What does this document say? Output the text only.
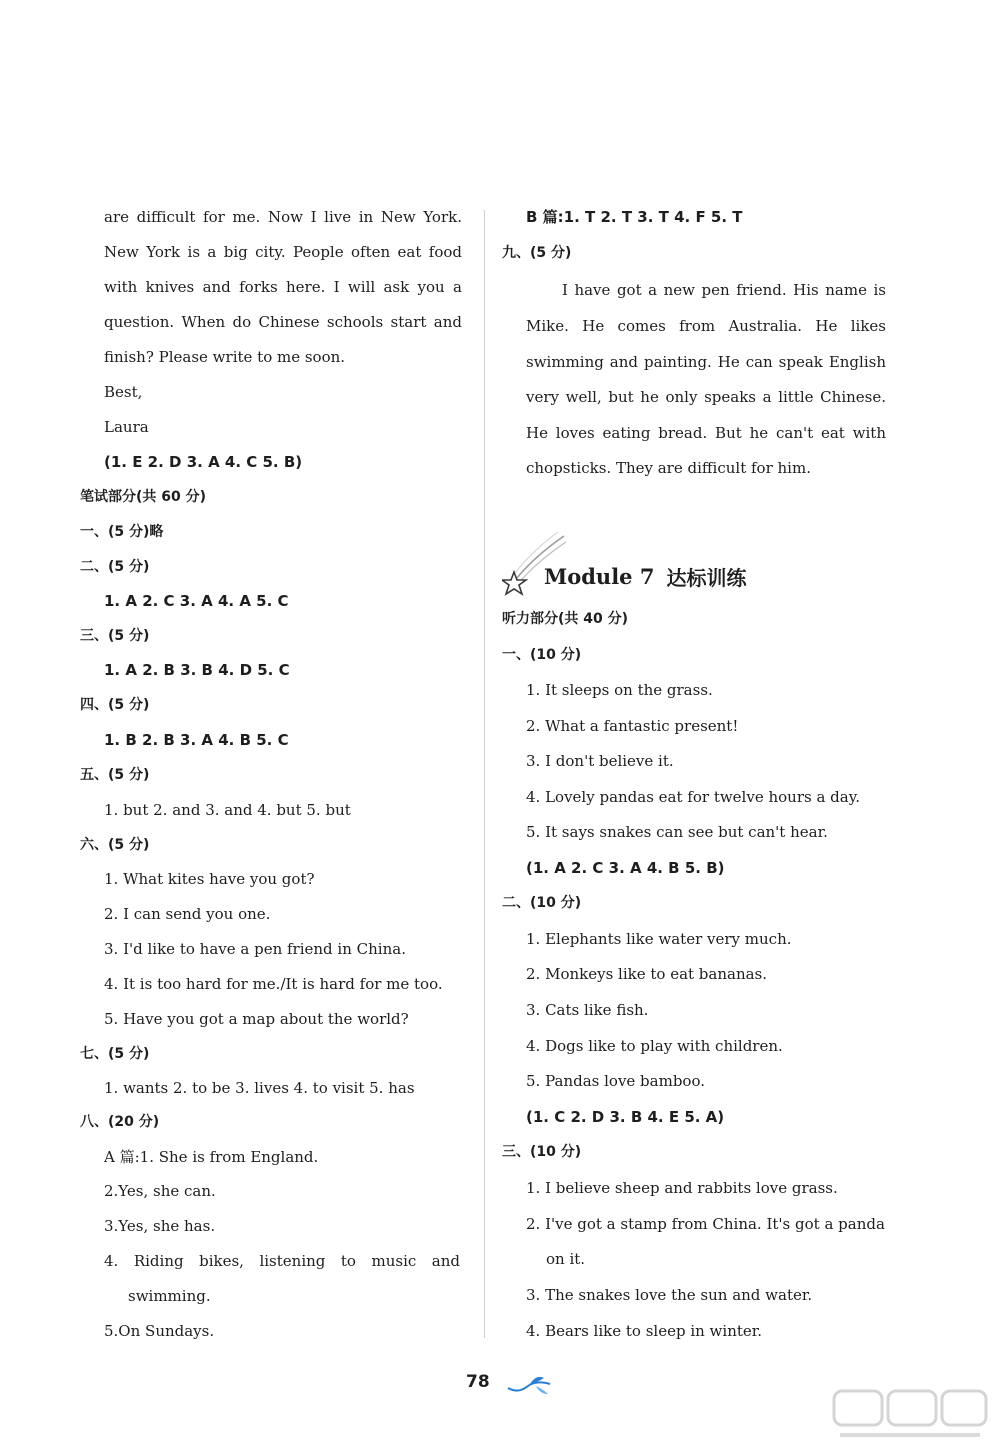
are difficult for me. Now I live in New York.
New York is a big city. People often eat food
with knives and forks here. I will ask you a
question. When do Chinese schools start and
finish? Please write to me soon.
Best,
Laura
(1. E 2. D 3. A 4. C 5. B)
笔试部分(共 60 分)
一、(5 分)略
二、(5 分)
1. A 2. C 3. A 4. A 5. C
三、(5 分)
1. A 2. B 3. B 4. D 5. C
四、(5 分)
1. B 2. B 3. A 4. B 5. C
五、(5 分)
1. but 2. and 3. and 4. but 5. but
六、(5 分)
1. What kites have you got?
2. I can send you one.
3. I'd like to have a pen friend in China.
4. It is too hard for me./It is hard for me too.
5. Have you got a map about the world?
七、(5 分)
1. wants 2. to be 3. lives 4. to visit 5. has
八、(20 分)
A 篇:1. She is from England.
2.Yes, she can.
3.Yes, she has.
4. Riding bikes, listening to music and
swimming.
5.On Sundays.
B 篇:1. T 2. T 3. T 4. F 5. T
九、(5 分)
I have got a new pen friend. His name is
Mike. He comes from Australia. He likes
swimming and painting. He can speak English
very well, but he only speaks a little Chinese.
He loves eating bread. But he can't eat with
chopsticks. They are difficult for him.
听力部分(共 40 分)
一、(10 分)
1. It sleeps on the grass.
2. What a fantastic present!
3. I don't believe it.
4. Lovely pandas eat for twelve hours a day.
5. It says snakes can see but can't hear.
(1. A 2. C 3. A 4. B 5. B)
二、(10 分)
1. Elephants like water very much.
2. Monkeys like to eat bananas.
3. Cats like fish.
4. Dogs like to play with children.
5. Pandas love bamboo.
(1. C 2. D 3. B 4. E 5. A)
三、(10 分)
1. I believe sheep and rabbits love grass.
2. I've got a stamp from China. It's got a panda
on it.
3. The snakes love the sun and water.
4. Bears like to sleep in winter.
Module 7 达标训练
78
